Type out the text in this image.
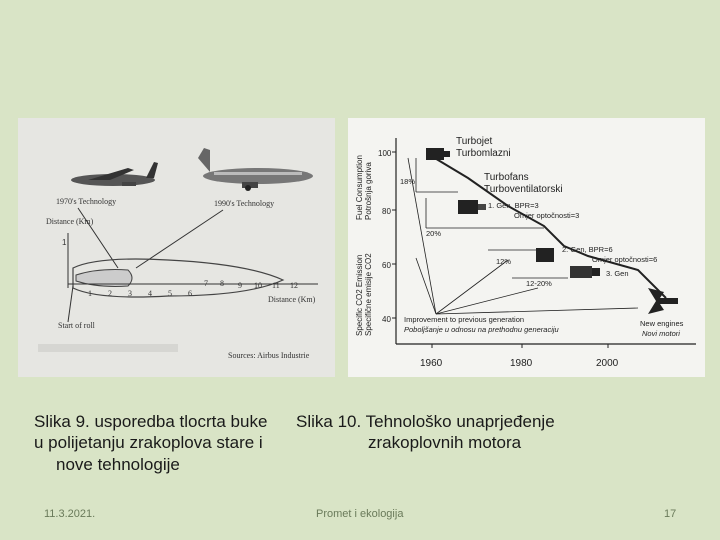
1970's Technology	1990's Technology
Distance (Km)
1
1 2 3 4 5 6
7 8 9 10 11 12
Distance (Km)
Start of roll
Sources: Airbus Industrie
Fuel Consumption Potrošnja goriva
Specific CO2 Emission Specifične emisije CO2
100
80
60
40
1960	1980	2000
Turbojet
Turbomlazni
Turbofans
Turboventilatorski
1. Gen, BPR=3
Omjer optočnosti=3
2. Gen, BPR=6
Omjer optočnosti=6
3. Gen
18%
20%
12%
12-20%
Improvement to previous generation
Poboljšanje u odnosu na prethodnu generaciju
New engines
Novi motori
Slika 9. usporedba tlocrta buke
u polijetanju zrakoplova stare i
nove tehnologije
Slika 10. Tehnološko unaprjeđenje
zrakoplovnih motora
11.3.2021.	Promet i ekologija	17
